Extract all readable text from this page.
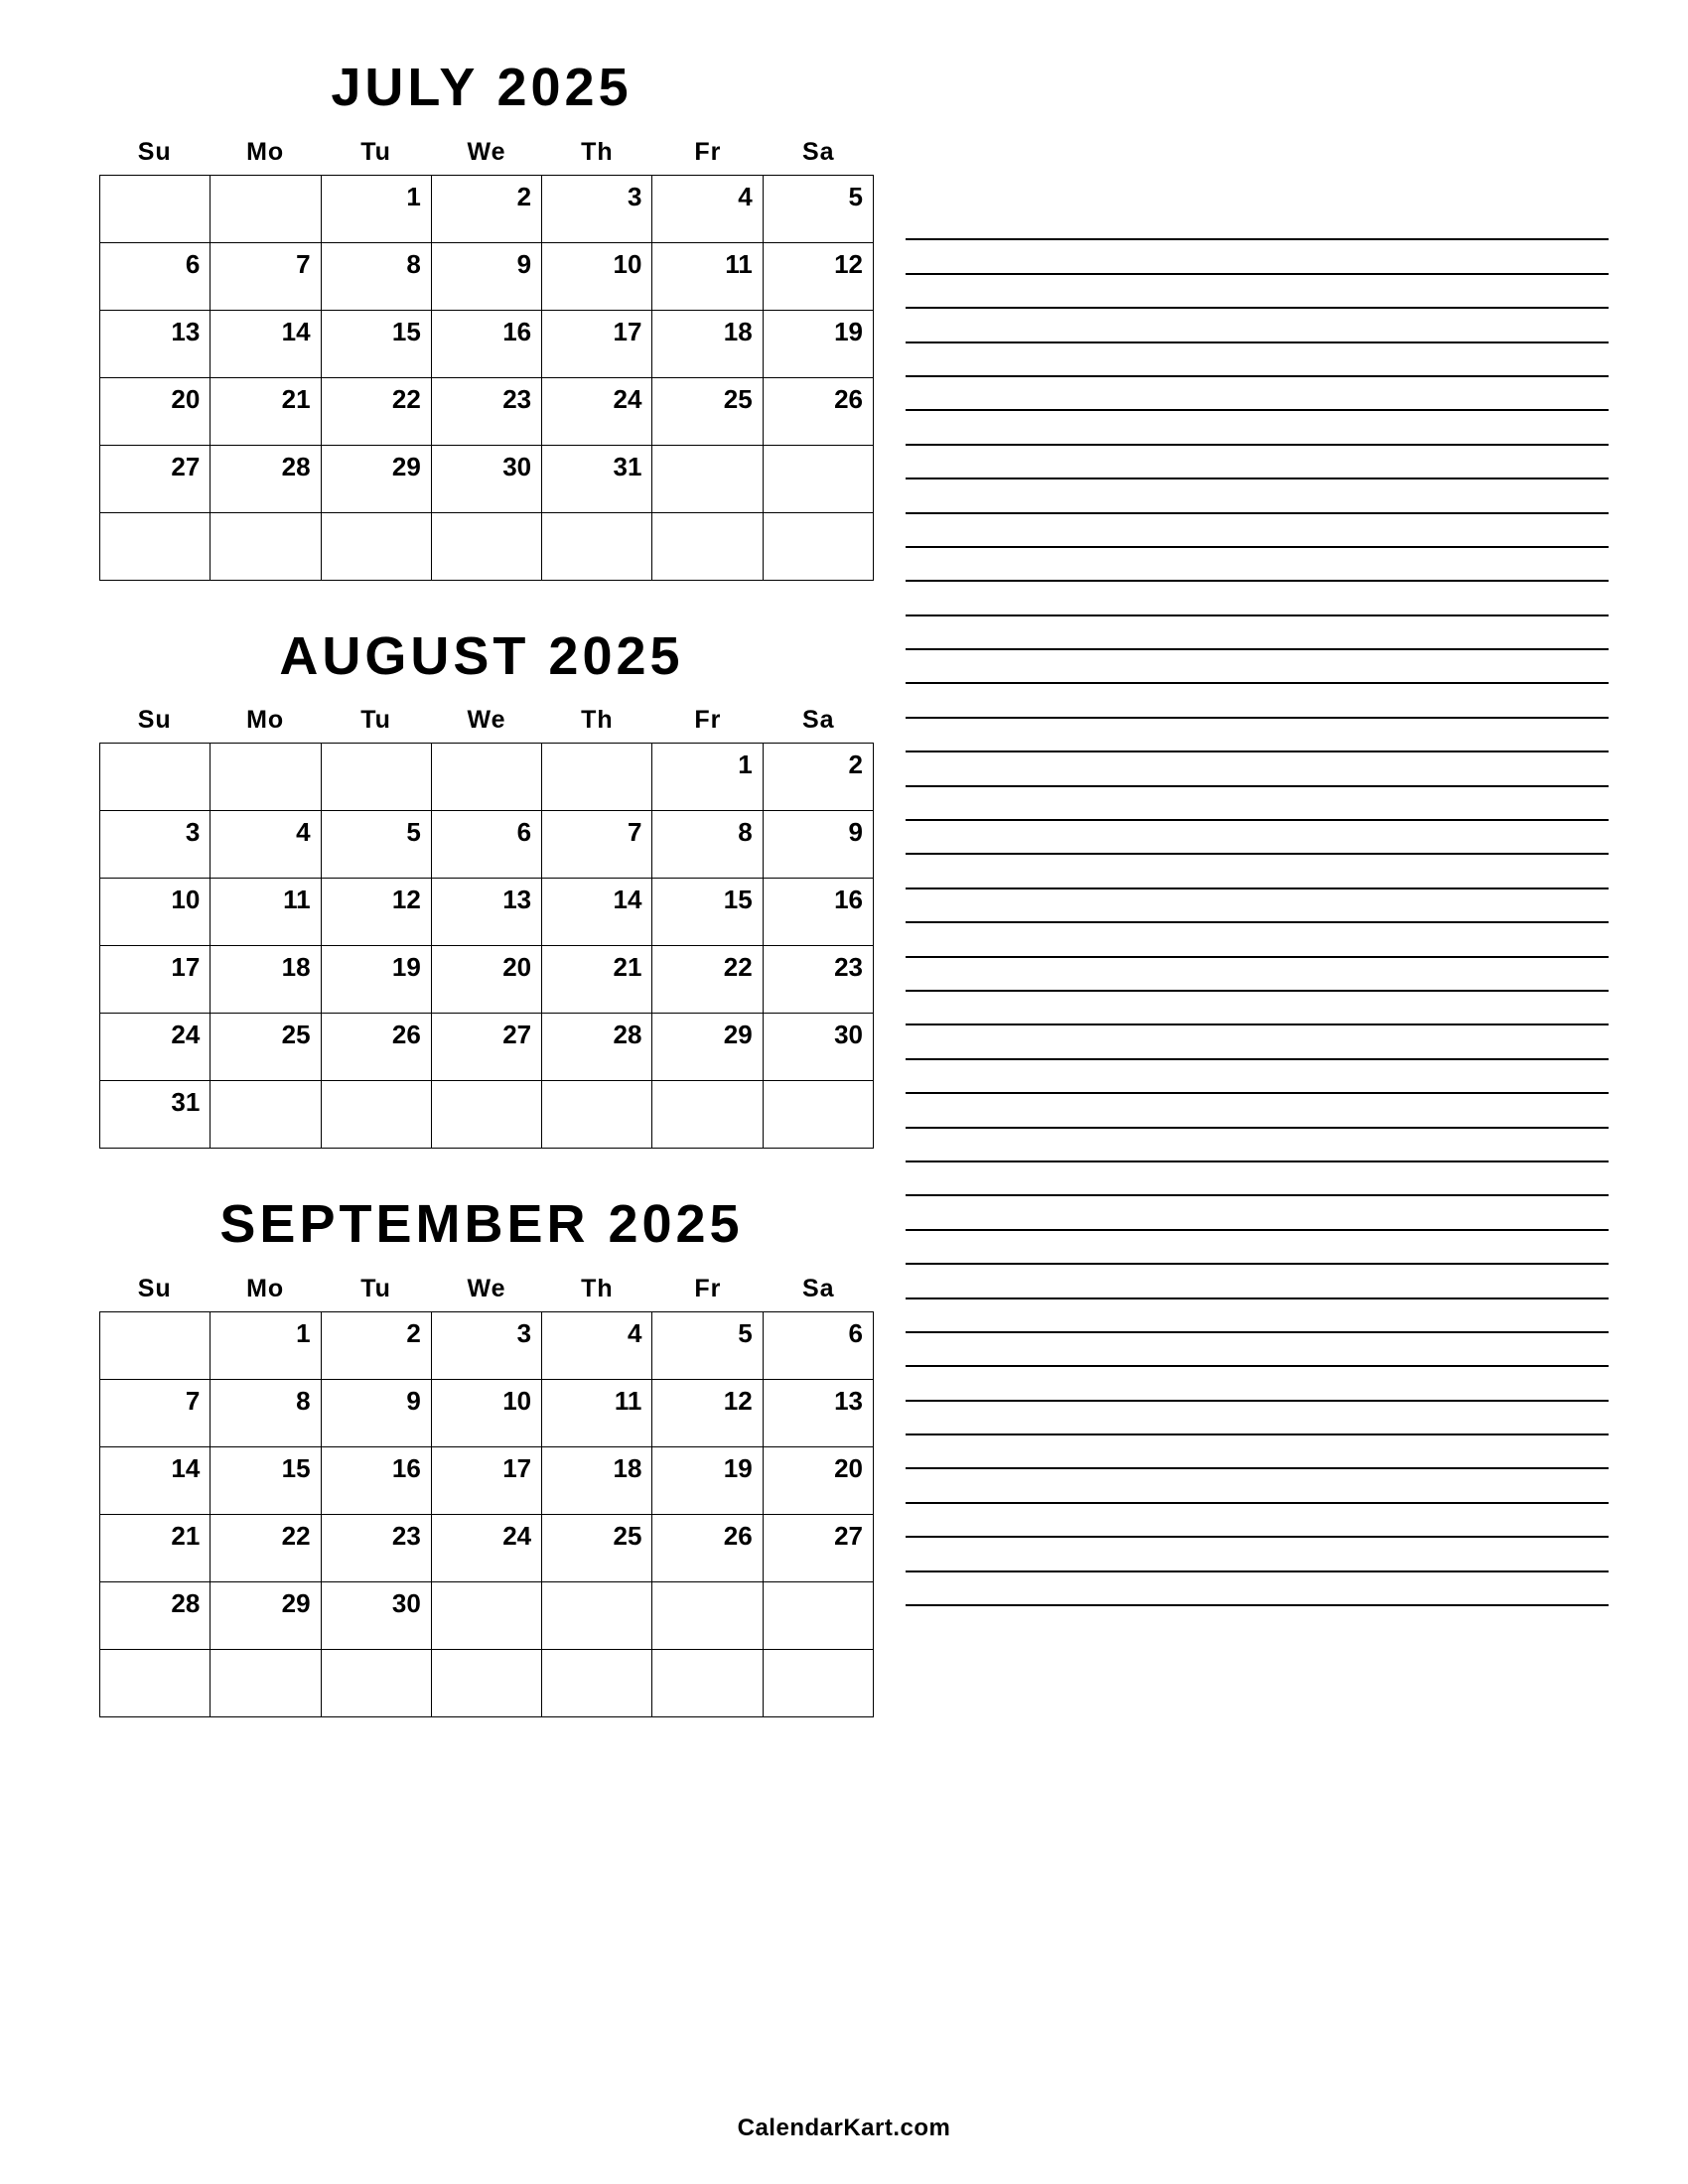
JULY 2025
Su	Mo	Tu	We	Th	Fr	Sa
		1	2	3	4	5
6	7	8	9	10	11	12
13	14	15	16	17	18	19
20	21	22	23	24	25	26
27	28	29	30	31		

AUGUST 2025
Su	Mo	Tu	We	Th	Fr	Sa
					1	2
3	4	5	6	7	8	9
10	11	12	13	14	15	16
17	18	19	20	21	22	23
24	25	26	27	28	29	30
31						
SEPTEMBER 2025
Su	Mo	Tu	We	Th	Fr	Sa
	1	2	3	4	5	6
7	8	9	10	11	12	13
14	15	16	17	18	19	20
21	22	23	24	25	26	27
28	29	30				

CalendarKart.com
